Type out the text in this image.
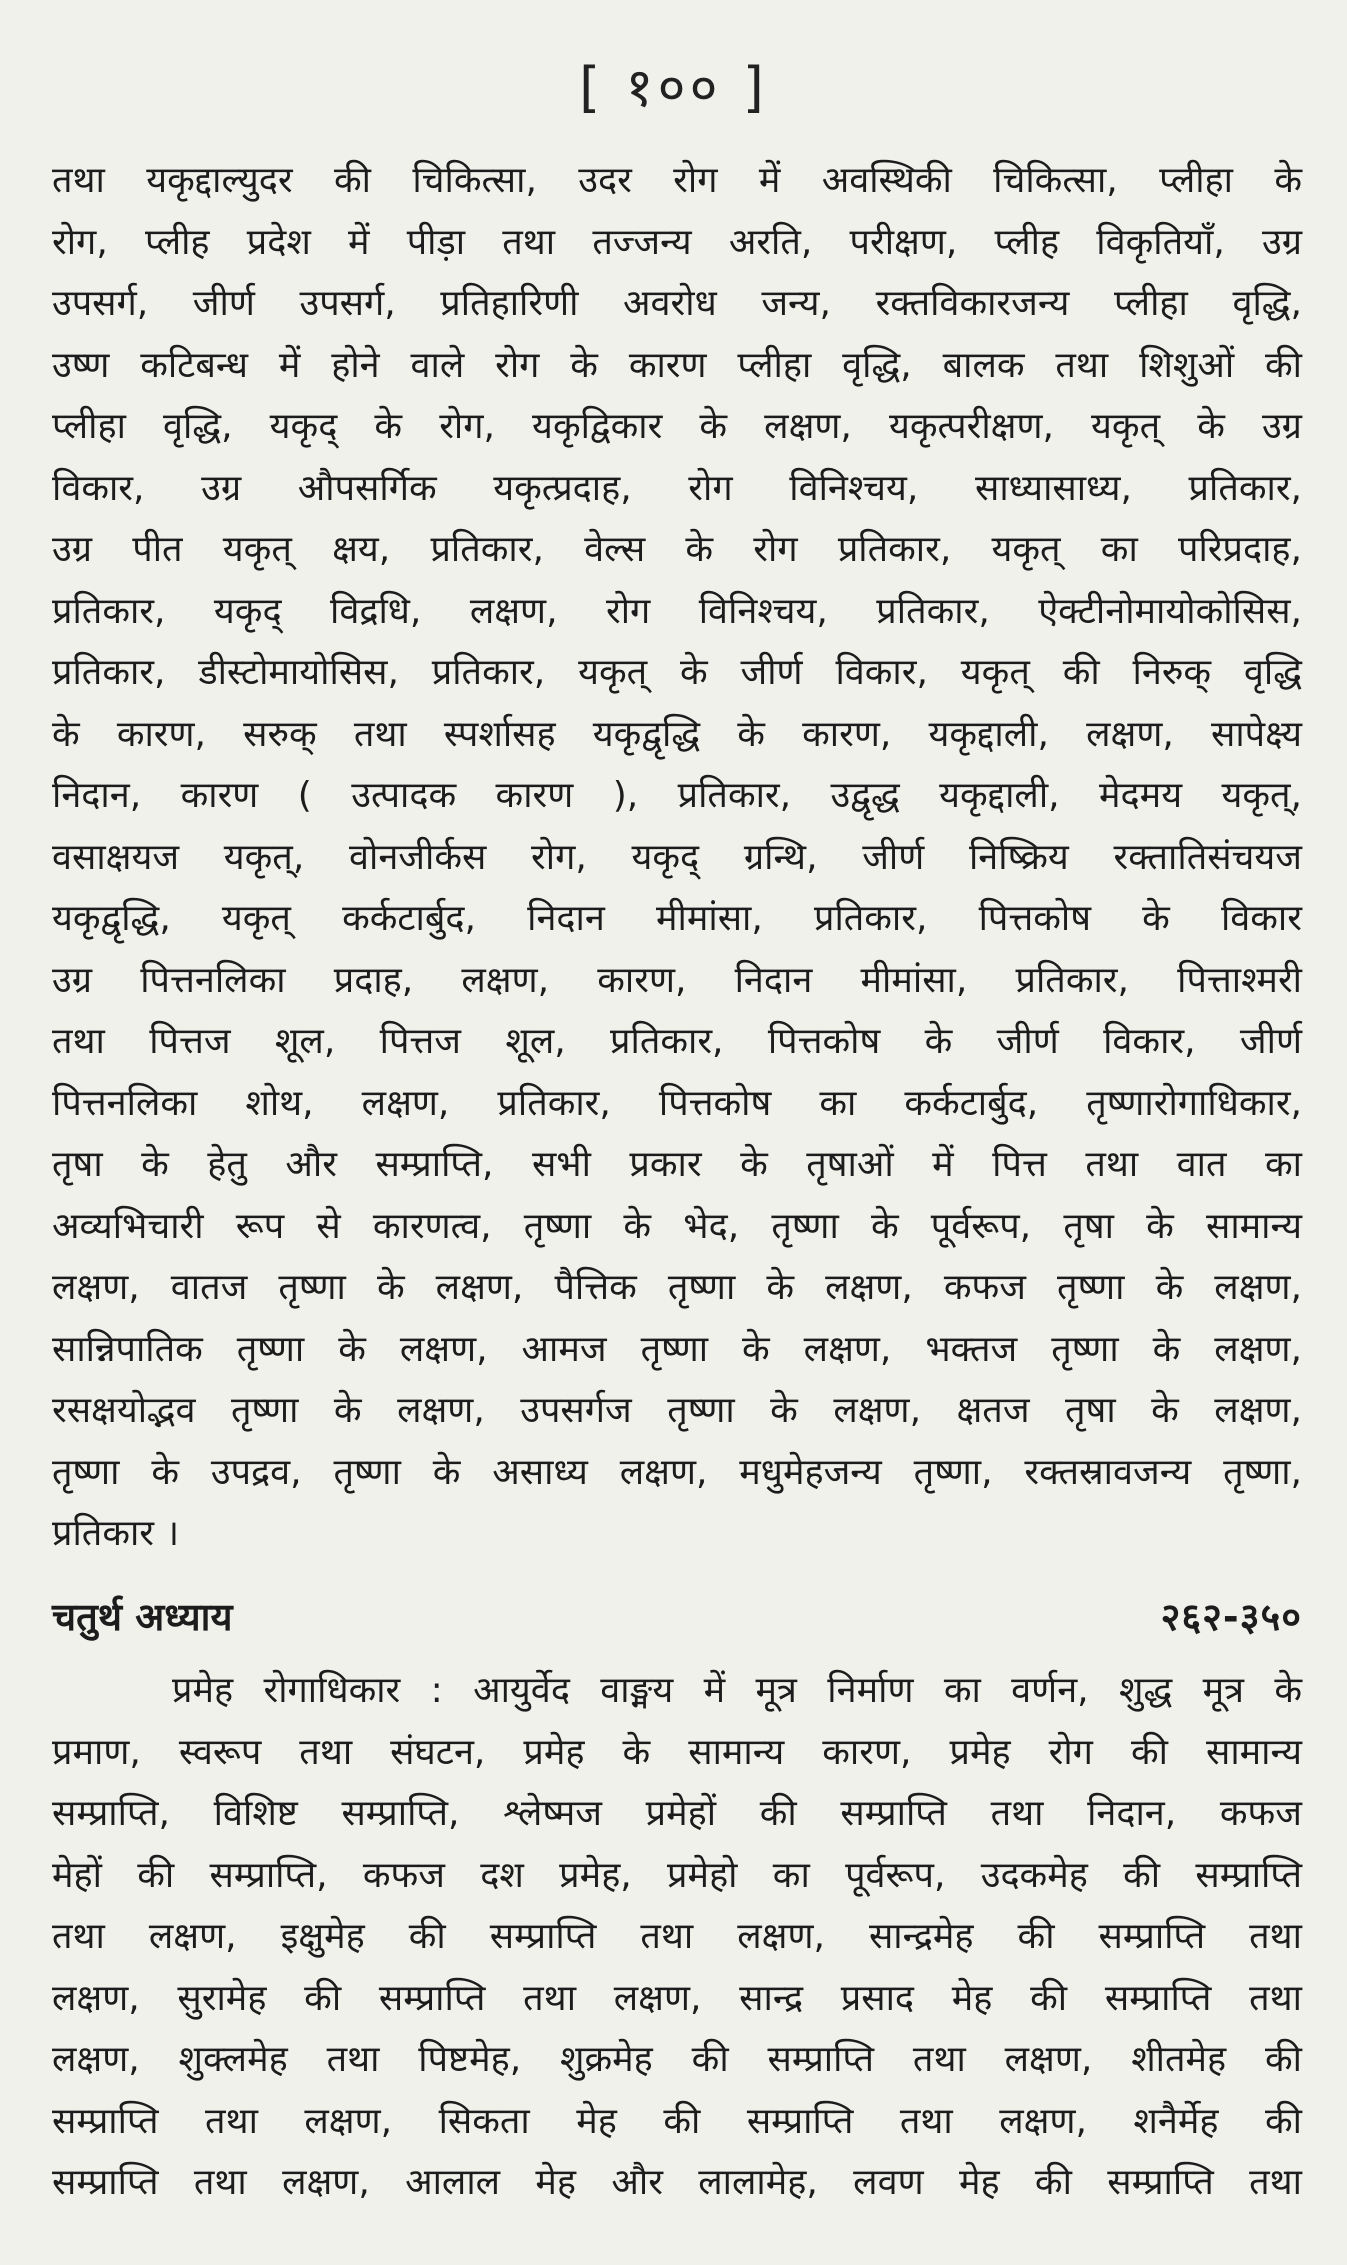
[ १०० ]
तथा यकृद्दाल्युदर की चिकित्सा, उदर रोग में अवस्थिकी चिकित्सा, प्लीहा के
रोग, प्लीह प्रदेश में पीड़ा तथा तज्जन्य अरति, परीक्षण, प्लीह विकृतियाँ, उग्र
उपसर्ग, जीर्ण उपसर्ग, प्रतिहारिणी अवरोध जन्य, रक्तविकारजन्य प्लीहा वृद्धि,
उष्ण कटिबन्ध में होने वाले रोग के कारण प्लीहा वृद्धि, बालक तथा शिशुओं की
प्लीहा वृद्धि, यकृद् के रोग, यकृद्विकार के लक्षण, यकृत्परीक्षण, यकृत् के उग्र
विकार, उग्र औपसर्गिक यकृत्प्रदाह, रोग विनिश्चय, साध्यासाध्य, प्रतिकार,
उग्र पीत यकृत् क्षय, प्रतिकार, वेल्स के रोग प्रतिकार, यकृत् का परिप्रदाह,
प्रतिकार, यकृद् विद्रधि, लक्षण, रोग विनिश्चय, प्रतिकार, ऐक्टीनोमायोकोसिस,
प्रतिकार, डीस्टोमायोसिस, प्रतिकार, यकृत् के जीर्ण विकार, यकृत् की निरुक् वृद्धि
के कारण, सरुक् तथा स्पर्शासह यकृद्वृद्धि के कारण, यकृद्दाली, लक्षण, सापेक्ष्य
निदान, कारण ( उत्पादक कारण ), प्रतिकार, उद्वृद्ध यकृद्दाली, मेदमय यकृत्,
वसाक्षयज यकृत्, वोनजीर्कस रोग, यकृद् ग्रन्थि, जीर्ण निष्क्रिय रक्तातिसंचयज
यकृद्वृद्धि, यकृत् कर्कटार्बुद, निदान मीमांसा, प्रतिकार, पित्तकोष के विकार
उग्र पित्तनलिका प्रदाह, लक्षण, कारण, निदान मीमांसा, प्रतिकार, पित्ताश्मरी
तथा पित्तज शूल, पित्तज शूल, प्रतिकार, पित्तकोष के जीर्ण विकार, जीर्ण
पित्तनलिका शोथ, लक्षण, प्रतिकार, पित्तकोष का कर्कटार्बुद, तृष्णारोगाधिकार,
तृषा के हेतु और सम्प्राप्ति, सभी प्रकार के तृषाओं में पित्त तथा वात का
अव्यभिचारी रूप से कारणत्व, तृष्णा के भेद, तृष्णा के पूर्वरूप, तृषा के सामान्य
लक्षण, वातज तृष्णा के लक्षण, पैत्तिक तृष्णा के लक्षण, कफज तृष्णा के लक्षण,
सान्निपातिक तृष्णा के लक्षण, आमज तृष्णा के लक्षण, भक्तज तृष्णा के लक्षण,
रसक्षयोद्भव तृष्णा के लक्षण, उपसर्गज तृष्णा के लक्षण, क्षतज तृषा के लक्षण,
तृष्णा के उपद्रव, तृष्णा के असाध्य लक्षण, मधुमेहजन्य तृष्णा, रक्तस्रावजन्य तृष्णा,
प्रतिकार ।
चतुर्थ अध्याय	२६२-३५०
प्रमेह रोगाधिकार : आयुर्वेद वाङ्मय में मूत्र निर्माण का वर्णन, शुद्ध मूत्र के
प्रमाण, स्वरूप तथा संघटन, प्रमेह के सामान्य कारण, प्रमेह रोग की सामान्य
सम्प्राप्ति, विशिष्ट सम्प्राप्ति, श्लेष्मज प्रमेहों की सम्प्राप्ति तथा निदान, कफज
मेहों की सम्प्राप्ति, कफज दश प्रमेह, प्रमेहो का पूर्वरूप, उदकमेह की सम्प्राप्ति
तथा लक्षण, इक्षुमेह की सम्प्राप्ति तथा लक्षण, सान्द्रमेह की सम्प्राप्ति तथा
लक्षण, सुरामेह की सम्प्राप्ति तथा लक्षण, सान्द्र प्रसाद मेह की सम्प्राप्ति तथा
लक्षण, शुक्लमेह तथा पिष्टमेह, शुक्रमेह की सम्प्राप्ति तथा लक्षण, शीतमेह की
सम्प्राप्ति तथा लक्षण, सिकता मेह की सम्प्राप्ति तथा लक्षण, शनैर्मेह की
सम्प्राप्ति तथा लक्षण, आलाल मेह और लालामेह, लवण मेह की सम्प्राप्ति तथा
